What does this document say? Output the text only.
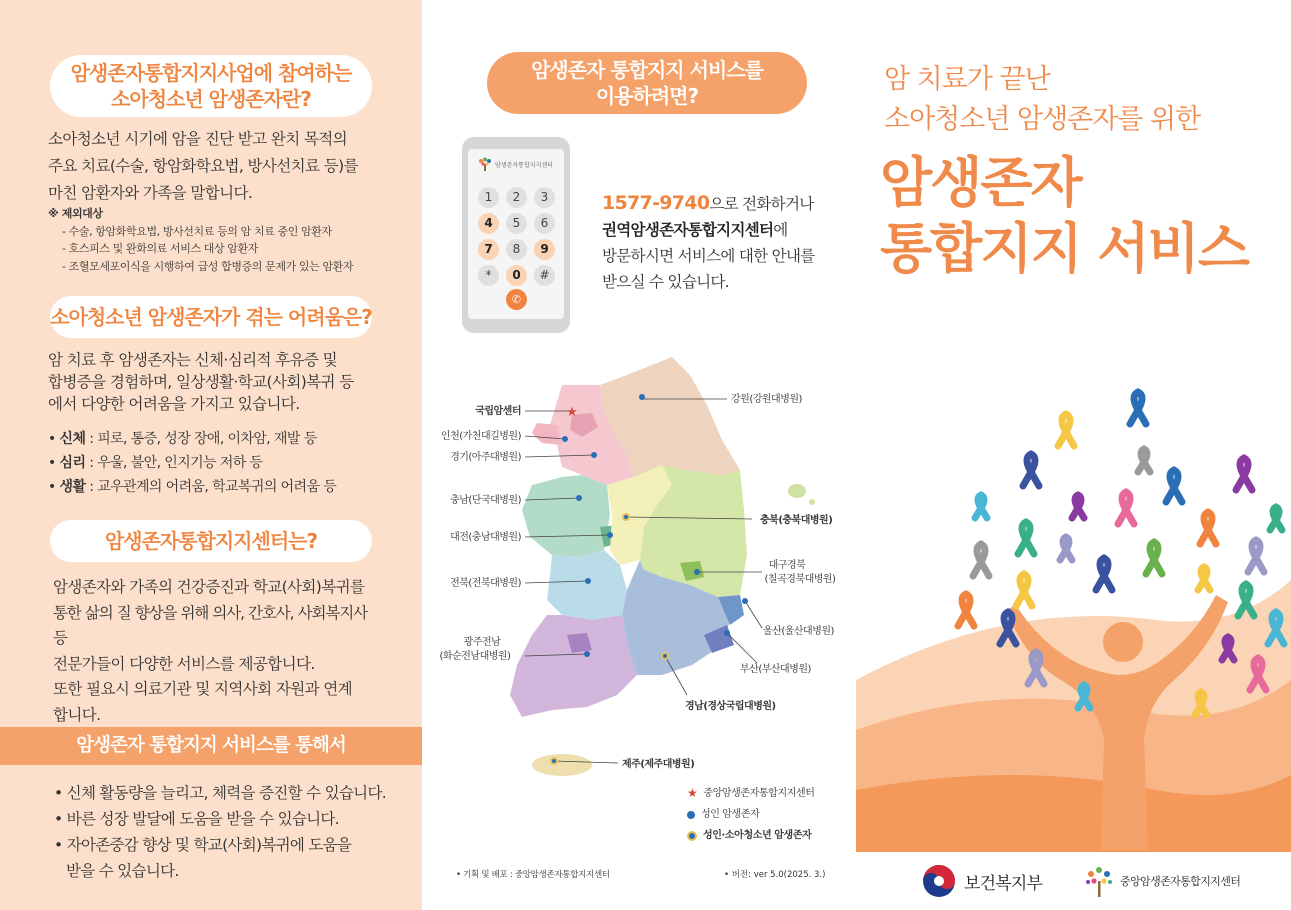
암생존자통합지지사업에 참여하는
소아청소년 암생존자란?
소아청소년 시기에 암을 진단 받고 완치 목적의
주요 치료(수술, 항암화학요법, 방사선치료 등)를
마친 암환자와 가족을 말합니다.
※ 제외대상
- 수술, 항암화학요법, 방사선치료 등의 암 치료 중인 암환자
- 호스피스 및 완화의료 서비스 대상 암환자
- 조혈모세포이식을 시행하여 급성 합병증의 문제가 있는 암환자
소아청소년 암생존자가 겪는 어려움은?
암 치료 후 암생존자는 신체·심리적 후유증 및
합병증을 경험하며, 일상생활·학교(사회)복귀 등
에서 다양한 어려움을 가지고 있습니다.
• 신체 : 피로, 통증, 성장 장애, 이차암, 재발 등
• 심리 : 우울, 불안, 인지기능 저하 등
• 생활 : 교우관계의 어려움, 학교복귀의 어려움 등
암생존자통합지지센터는?
암생존자와 가족의 건강증진과 학교(사회)복귀를
통한 삶의 질 향상을 위해 의사, 간호사, 사회복지사 등
전문가들이 다양한 서비스를 제공합니다.
또한 필요시 의료기관 및 지역사회 자원과 연계
합니다.
암생존자 통합지지 서비스를 통해서
• 신체 활동량을 늘리고, 체력을 증진할 수 있습니다.
• 바른 성장 발달에 도움을 받을 수 있습니다.
• 자아존중감 향상 및 학교(사회)복귀에 도움을
받을 수 있습니다.
암생존자 통합지지 서비스를
이용하려면?
암생존자통합지지센터
1	2	3
4	5	6
7	8	9
*	0	#
✆
1577-9740으로 전화하거나
권역암생존자통합지지센터에
방문하시면 서비스에 대한 안내를
받으실 수 있습니다.
★
국립암센터
인천(가천대길병원)
경기(아주대병원)
충남(단국대병원)
대전(충남대병원)
전북(전북대병원)
광주전남
(화순전남대병원)
강원(강원대병원)
충북(충북대병원)
대구경북
(칠곡경북대병원)
울산(울산대병원)
부산(부산대병원)
경남(경상국립대병원)
제주(제주대병원)
★ 중앙암생존자통합지지센터
성인 암생존자
성인·소아청소년 암생존자
• 기획 및 배포 : 중앙암생존자통합지지센터	• 버전: ver 5.0(2025. 3.)
암 치료가 끝난
소아청소년 암생존자를 위한
암생존자
통합지지 서비스
보건복지부	중앙암생존자통합지지센터
